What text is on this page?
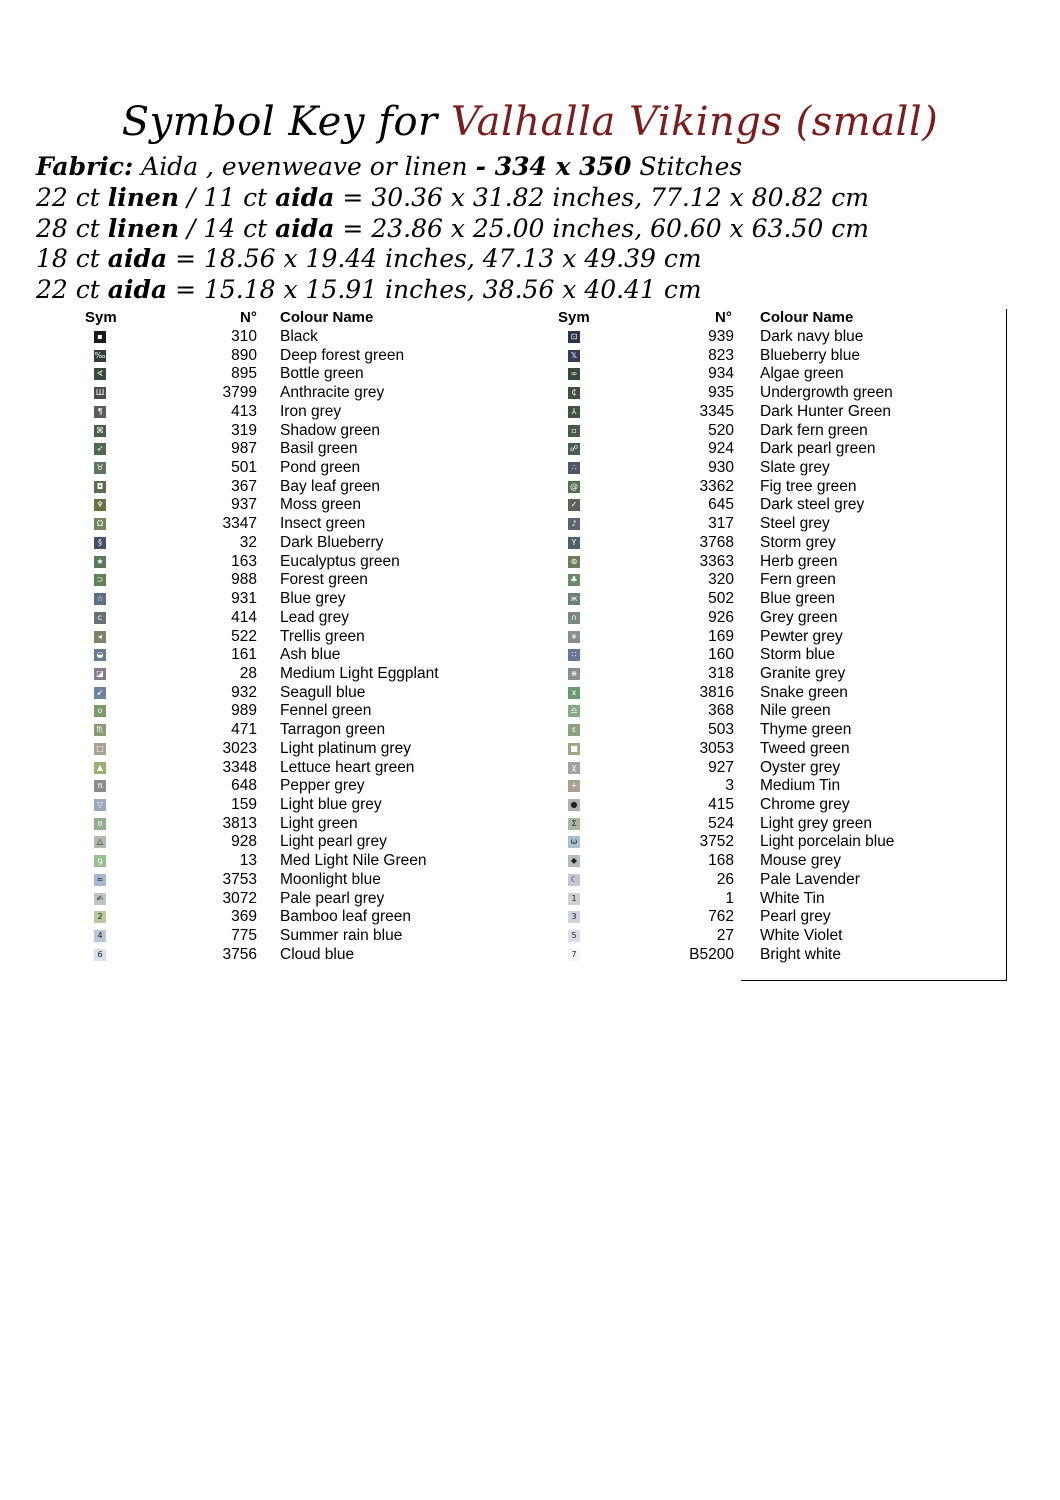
Symbol Key for Valhalla Vikings (small)
Fabric: Aida , evenweave or linen - 334 x 350 Stitches
22 ct linen / 11 ct aida = 30.36 x 31.82 inches, 77.12 x 80.82 cm
28 ct linen / 14 ct aida = 23.86 x 25.00 inches, 60.60 x 63.50 cm
18 ct aida = 18.56 x 19.44 inches, 47.13 x 49.39 cm
22 ct aida = 15.18 x 15.91 inches, 38.56 x 40.41 cm
Sym	N° Colour Name
▪	310 Black
‰	890 Deep forest green
∢	895 Bottle green
Ш	3799 Anthracite grey
¶	413 Iron grey
⌘	319 Shadow green
➶	987 Basil green
♉	501 Pond green
◘	367 Bay leaf green
♆	937 Moss green
Ω	3347 Insect green
§	32 Dark Blueberry
★	163 Eucalyptus green
⊃	988 Forest green
☆	931 Blue grey
c	414 Lead grey
◂	522 Trellis green
◒	161 Ash blue
◪	28 Medium Light Eggplant
➹	932 Seagull blue
o	989 Fennel green
♏	471 Tarragon green
□	3023 Light platinum grey
▲	3348 Lettuce heart green
π	648 Pepper grey
▽	159 Light blue grey
ʊ	3813 Light green
△	928 Light pearl grey
g	13 Med Light Nile Green
≈	3753 Moonlight blue
✍	3072 Pale pearl grey
2	369 Bamboo leaf green
4	775 Summer rain blue
6	3756 Cloud blue
Sym	N° Colour Name
⊡	939 Dark navy blue
𝕏	823 Blueberry blue
∞	934 Algae green
₵	935 Undergrowth green
⅄	3345 Dark Hunter Green
▫	520 Dark fern green
☍	924 Dark pearl green
∴	930 Slate grey
@	3362 Fig tree green
✓	645 Dark steel grey
♪	317 Steel grey
Y	3768 Storm grey
⊛	3363 Herb green
♣	320 Fern green
ж	502 Blue green
∩	926 Grey green
∗	169 Pewter grey
∷	160 Storm blue
⋇	318 Granite grey
x	3816 Snake green
♎	368 Nile green
ε	503 Thyme green
■	3053 Tweed green
χ	927 Oyster grey
+	3 Medium Tin
●	415 Chrome grey
Σ	524 Light grey green
ω	3752 Light porcelain blue
◆	168 Mouse grey
☾	26 Pale Lavender
1	1 White Tin
3	762 Pearl grey
5	27 White Violet
7	B5200 Bright white
